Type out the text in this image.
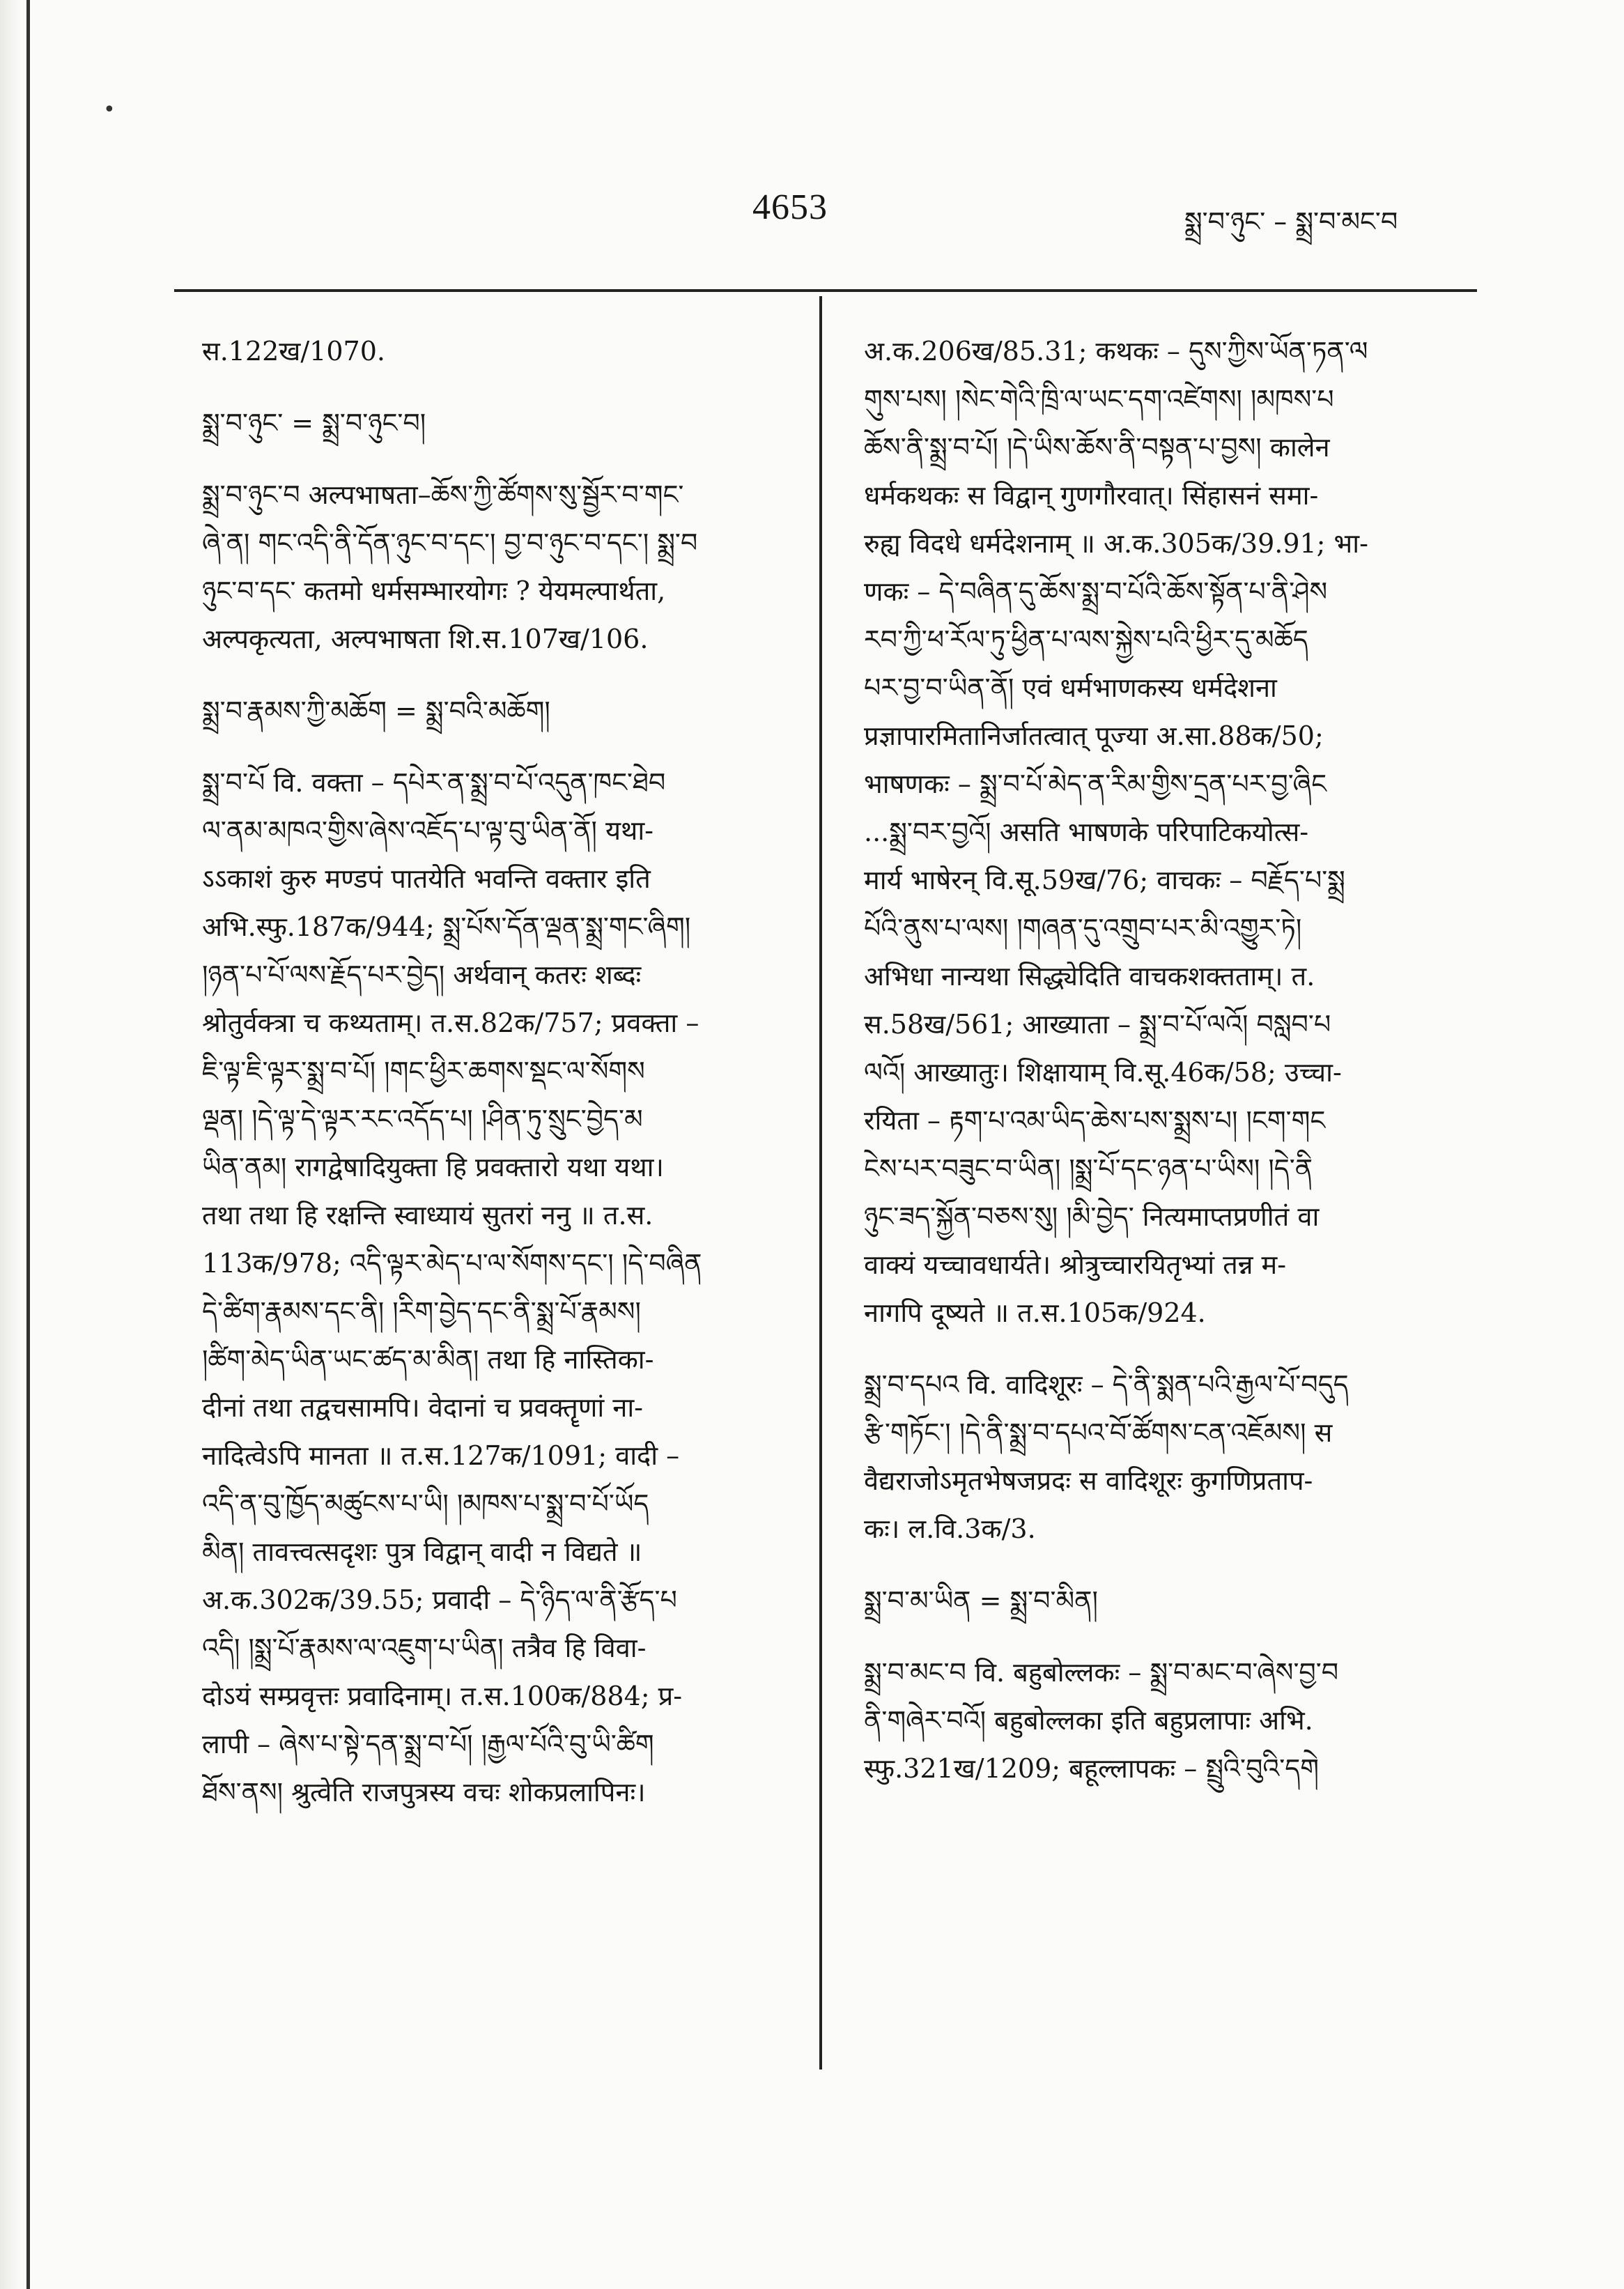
•
4653	སྨྲ་བ་ཉུང་ – སྨྲ་བ་མང་བ
स.122ख/1070.
སྨྲ་བ་ཉུང་ = སྨྲ་བ་ཉུང་བ།
སྨྲ་བ་ཉུང་བ अल्पभाषता–ཆོས་ཀྱི་ཚོགས་སུ་སྦྱོར་བ་གང་
ཞེ་ན། གང་འདི་ནི་དོན་ཉུང་བ་དང་། བྱ་བ་ཉུང་བ་དང་། སྨྲ་བ
ཉུང་བ་དང་ कतमो धर्मसम्भारयोगः ? येयमल्पार्थता,
अल्पकृत्यता, अल्पभाषता शि.स.107ख/106.
སྨྲ་བ་རྣམས་ཀྱི་མཆོག = སྨྲ་བའི་མཆོག།
སྨྲ་བ་པོ वि. वक्ता – དཔེར་ན་སྨྲ་བ་པོ་འདུན་ཁང་ཐེབ
ལ་ནམ་མཁའ་གྱིས་ཞེས་འཇོད་པ་ལྟ་བུ་ཡིན་ནོ། यथा-
ऽऽकाशं कुरु मण्डपं पातयेति भवन्ति वक्तार इति
अभि.स्फु.187क/944; སྨྲ་པོས་དོན་ལྡན་སྨྲ་གང་ཞིག།
།ཉན་པ་པོ་ལས་རྗོད་པར་བྱེད། अर्थवान् कतरः शब्दः
श्रोतुर्वक्त्रा च कथ्यताम्। त.स.82क/757; प्रवक्ता –
ཇི་ལྟ་ཇི་ལྟར་སྨྲ་བ་པོ། །གང་ཕྱིར་ཆགས་སྡང་ལ་སོགས
ལྡན། །དེ་ལྟ་དེ་ལྟར་རང་འདོད་པ། །ཤིན་ཏུ་སྲུང་བྱེད་མ
ཡིན་ནམ། रागद्वेषादियुक्ता हि प्रवक्तारो यथा यथा।
तथा तथा हि रक्षन्ति स्वाध्यायं सुतरां ननु ॥ त.स.
113क/978; འདི་ལྟར་མེད་པ་ལ་སོགས་དང་། །དེ་བཞིན
དེ་ཚིག་རྣམས་དང་ནི། །རིག་བྱེད་དང་ནི་སྨྲ་པོ་རྣམས།
།ཚིག་མེད་ཡིན་ཡང་ཚད་མ་མིན། तथा हि नास्तिका-
दीनां तथा तद्वचसामपि। वेदानां च प्रवक्तॄणां ना-
नादित्वेऽपि मानता ॥ त.स.127क/1091; वादी –
འདི་ན་བུ་ཁྱོད་མཚུངས་པ་ཡི། །མཁས་པ་སྨྲ་བ་པོ་ཡོད
མིན། तावत्त्वत्सदृशः पुत्र विद्वान् वादी न विद्यते ॥
अ.क.302क/39.55; प्रवादी – དེ་ཉིད་ལ་ནི་རྩོད་པ
འདི། །སྨྲ་པོ་རྣམས་ལ་འཇུག་པ་ཡིན། तत्रैव हि विवा-
दोऽयं सम्प्रवृत्तः प्रवादिनाम्। त.स.100क/884; प्र-
लापी – ཞེས་པ་སྟེ་དན་སྨྲ་བ་པོ། །རྒྱལ་པོའི་བུ་ཡི་ཚིག
ཐོས་ནས། श्रुत्वेति राजपुत्रस्य वचः शोकप्रलापिनः।
अ.क.206ख/85.31; कथकः – དུས་ཀྱིས་ཡོན་ཏན་ལ
གུས་པས། །སེང་གེའི་ཁྲི་ལ་ཡང་དག་འཛེགས། །མཁས་པ
ཆོས་ནི་སྨྲ་བ་པོ། །དེ་ཡིས་ཆོས་ནི་བསྟན་པ་བྱས། कालेन
धर्मकथकः स विद्वान् गुणगौरवात्। सिंहासनं समा-
रुह्य विदधे धर्मदेशनाम् ॥ अ.क.305क/39.91; भा-
णकः – དེ་བཞིན་དུ་ཆོས་སྨྲ་བ་པོའི་ཆོས་སྟོན་པ་ནི་ཤེས
རབ་ཀྱི་ཕ་རོལ་ཏུ་ཕྱིན་པ་ལས་སྐྱེས་པའི་ཕྱིར་དུ་མཆོད
པར་བྱ་བ་ཡིན་ནོ། एवं धर्मभाणकस्य धर्मदेशना
प्रज्ञापारमितानिर्जातत्वात् पूज्या अ.सा.88क/50;
भाषणकः – སྨྲ་བ་པོ་མེད་ན་རིམ་གྱིས་དྲན་པར་བྱ་ཞིང
...སྨྲ་བར་བྱའོ། असति भाषणके परिपाटिकयोत्स-
मार्य भाषेरन् वि.सू.59ख/76; वाचकः – བརྗོད་པ་སྨྲ
པོའི་ནུས་པ་ལས། །གཞན་དུ་འགྲུབ་པར་མི་འགྱུར་ཏེ།
अभिधा नान्यथा सिद्ध्येदिति वाचकशक्तताम्। त.
स.58ख/561; आख्याता – སྨྲ་བ་པོ་ལའོ། བསླབ་པ
ལའོ། आख्यातुः। शिक्षायाम् वि.सू.46क/58; उच्चा-
रयिता – རྟག་པ་འམ་ཡིད་ཆེས་པས་སྨྲས་པ། །ངག་གང
ངེས་པར་བཟུང་བ་ཡིན། །སྨྲ་པོ་དང་ཉན་པ་ཡིས། །དེ་ནི
ཉུང་ཟད་སྐྱོན་བཅས་སུ། །མི་བྱེད་ नित्यमाप्तप्रणीतं वा
वाक्यं यच्चावधार्यते। श्रोत्रुच्चारयितृभ्यां तन्न म-
नागपि दूष्यते ॥ त.स.105क/924.
སྨྲ་བ་དཔའ वि. वादिशूरः – དེ་ནི་སྨན་པའི་རྒྱལ་པོ་བདུད
རྩི་གཏོང་། །དེ་ནི་སྨྲ་བ་དཔའ་བོ་ཚོགས་ངན་འཇོམས། स
वैद्यराजोऽमृतभेषजप्रदः स वादिशूरः कुगणिप्रताप-
कः। ल.वि.3क/3.
སྨྲ་བ་མ་ཡིན = སྨྲ་བ་མིན།
སྨྲ་བ་མང་བ वि. बहुबोल्लकः – སྨྲ་བ་མང་བ་ཞེས་བྱ་བ
ནི་གཞེར་བའོ། बहुबोल्लका इति बहुप्रलापाः अभि.
स्फु.321ख/1209; बहूल्लापकः – སྤྲུའི་བུའི་དགེ
